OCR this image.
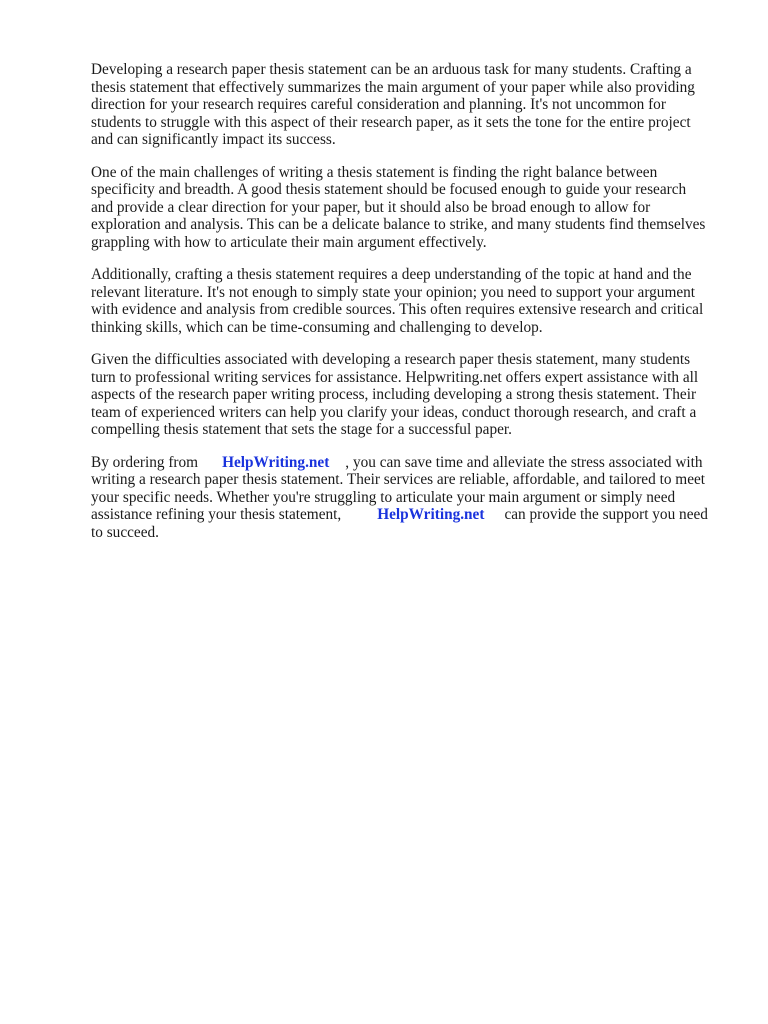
Developing a research paper thesis statement can be an arduous task for many students. Crafting a
thesis statement that effectively summarizes the main argument of your paper while also providing
direction for your research requires careful consideration and planning. It's not uncommon for
students to struggle with this aspect of their research paper, as it sets the tone for the entire project
and can significantly impact its success.

One of the main challenges of writing a thesis statement is finding the right balance between
specificity and breadth. A good thesis statement should be focused enough to guide your research
and provide a clear direction for your paper, but it should also be broad enough to allow for
exploration and analysis. This can be a delicate balance to strike, and many students find themselves
grappling with how to articulate their main argument effectively.

Additionally, crafting a thesis statement requires a deep understanding of the topic at hand and the
relevant literature. It's not enough to simply state your opinion; you need to support your argument
with evidence and analysis from credible sources. This often requires extensive research and critical
thinking skills, which can be time-consuming and challenging to develop.

Given the difficulties associated with developing a research paper thesis statement, many students
turn to professional writing services for assistance. Helpwriting.net offers expert assistance with all
aspects of the research paper writing process, including developing a strong thesis statement. Their
team of experienced writers can help you clarify your ideas, conduct thorough research, and craft a
compelling thesis statement that sets the stage for a successful paper.

By ordering from HelpWriting.net , you can save time and alleviate the stress associated with
writing a research paper thesis statement. Their services are reliable, affordable, and tailored to meet
your specific needs. Whether you're struggling to articulate your main argument or simply need
assistance refining your thesis statement, HelpWriting.net can provide the support you need
to succeed.
